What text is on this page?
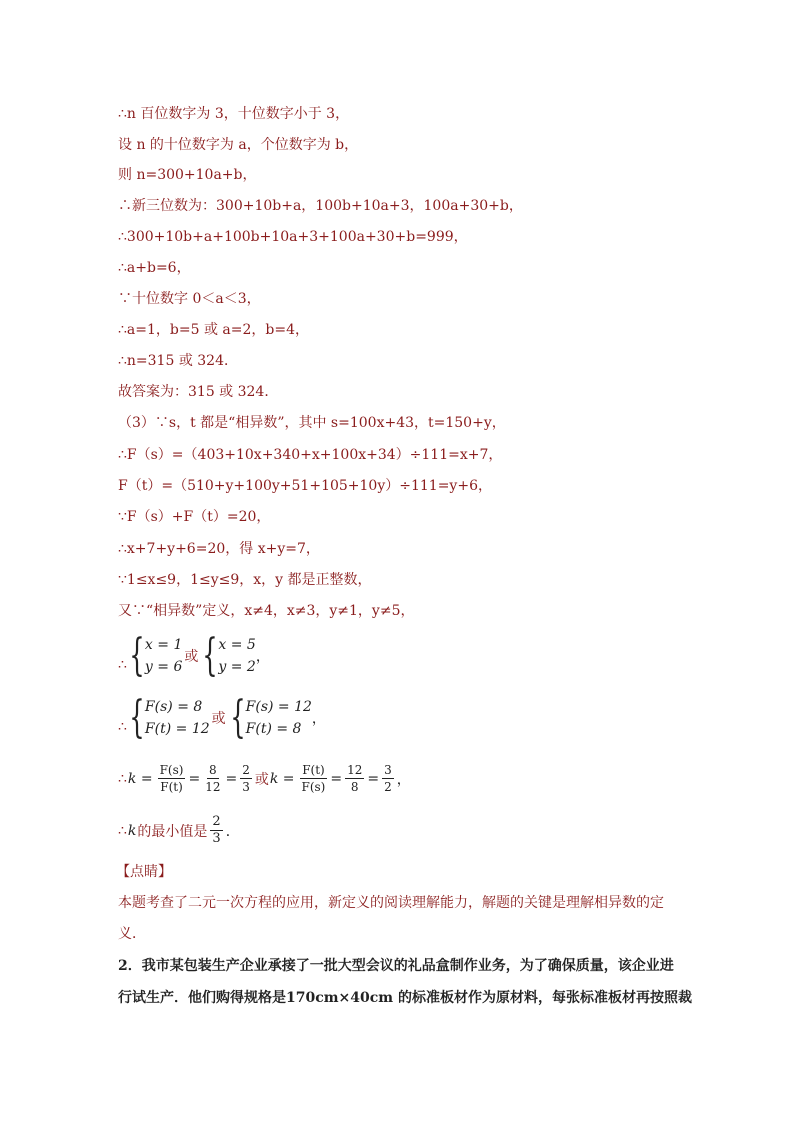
∴n 百位数字为 3，十位数字小于 3，
设 n 的十位数字为 a，个位数字为 b，
则 n=300+10a+b，
∴新三位数为：300+10b+a，100b+10a+3，100a+30+b，
∴300+10b+a+100b+10a+3+100a+30+b=999，
∴a+b=6，
∵十位数字 0＜a＜3，
∴a=1，b=5 或 a=2，b=4，
∴n=315 或 324．
故答案为：315 或 324．
（3）∵s，t 都是“相异数”，其中 s=100x+43，t=150+y，
∴F（s）=（403+10x+340+x+100x+34）÷111=x+7，
F（t）=（510+y+100y+51+105+10y）÷111=y+6，
∵F（s）+F（t）=20，
∴x+7+y+6=20，得 x+y=7，
∵1≤x≤9，1≤y≤9，x，y 都是正整数，
又∵“相异数”定义，x≠4，x≠3，y≠1，y≠5，
∴ { x = 1
y = 6
或 { x = 5
y = 2
，
∴ { F(s) = 8
F(t) = 12
或 { F(s) = 12
F(t) = 8
，
∴ $k = \frac{F(s)}{F(t)} = \frac{8}{12} = \frac{2}{3}$ 或 $k = \frac{F(t)}{F(s)} = \frac{12}{8} = \frac{3}{2}$ ，
∴ k 的最小值是 $\frac{2}{3}$ ．
【点睛】
本题考查了二元一次方程的应用，新定义的阅读理解能力，解题的关键是理解相异数的定
义．
2．我市某包装生产企业承接了一批大型会议的礼品盒制作业务，为了确保质量，该企业进
行试生产．他们购得规格是170cm×40cm 的标准板材作为原材料，每张标准板材再按照裁
